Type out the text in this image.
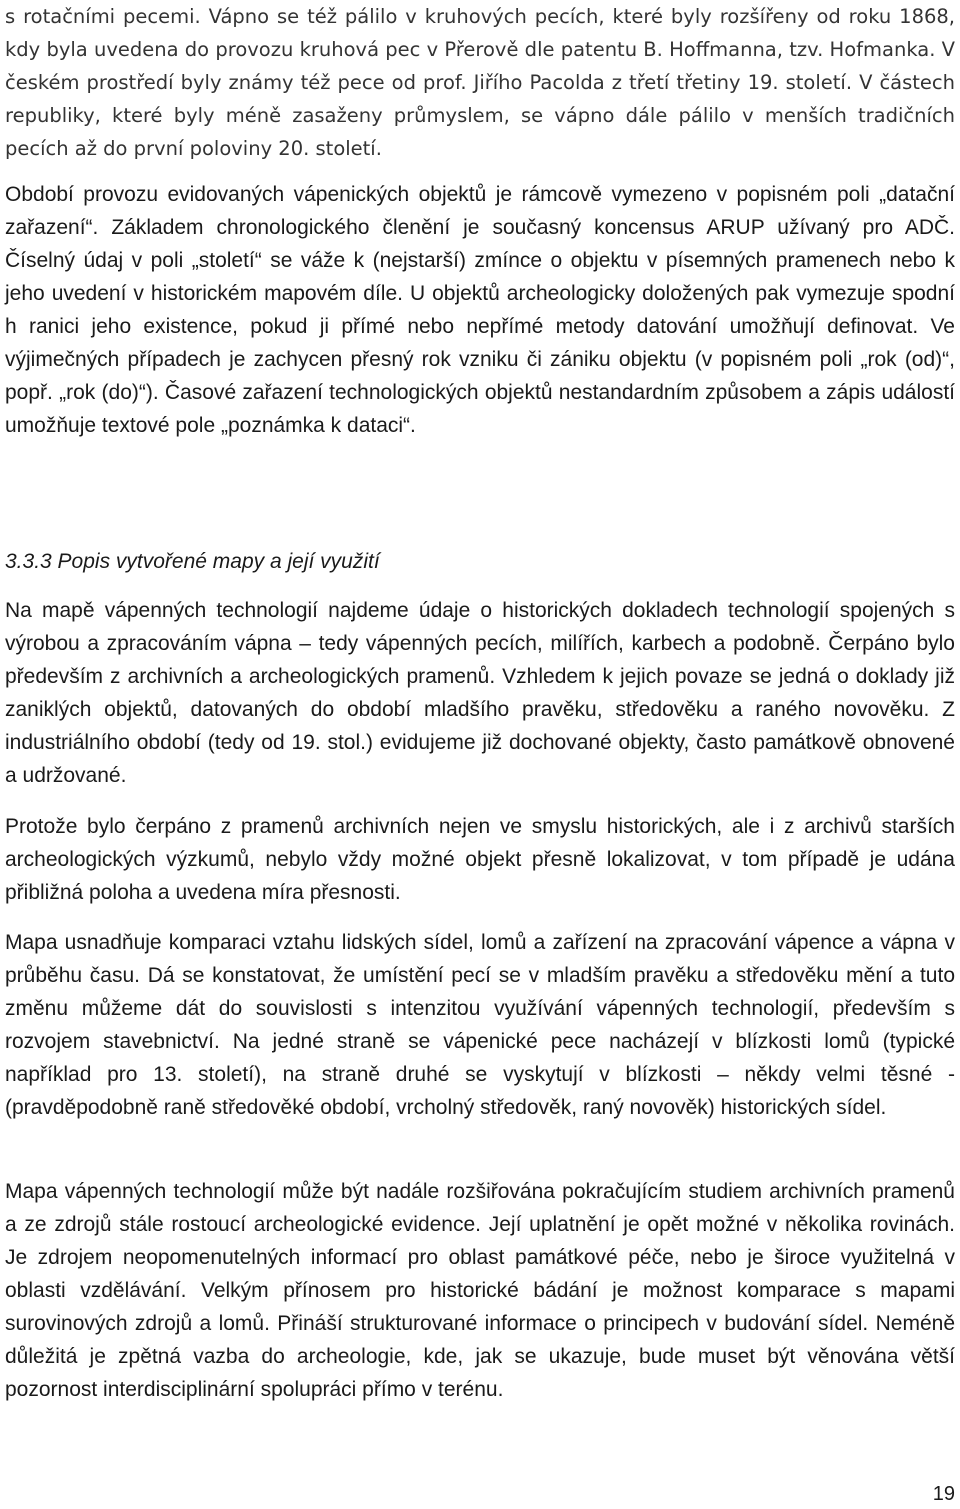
s rotačními pecemi. Vápno se též pálilo v kruhových pecích, které byly rozšířeny od roku 1868, kdy byla uvedena do provozu kruhová pec v Přerově dle patentu B. Hoffmanna, tzv. Hofmanka. V českém prostředí byly známy též pece od prof. Jiřího Pacolda z třetí třetiny 19. století. V částech republiky, které byly méně zasaženy průmyslem, se vápno dále pálilo v menších tradičních pecích až do první poloviny 20. století.

Období provozu evidovaných vápenických objektů je rámcově vymezeno v popisném poli „datační zařazení“. Základem chronologického členění je současný koncensus ARUP užívaný pro ADČ. Číselný údaj v poli „století“ se váže k (nejstarší) zmínce o objektu v písemných pramenech nebo k jeho uvedení v historickém mapovém díle. U objektů archeologicky doložených pak vymezuje spodní h ranici jeho existence, pokud ji přímé nebo nepřímé metody datování umožňují definovat. Ve výjimečných případech je zachycen přesný rok vzniku či zániku objektu (v popisném poli „rok (od)“, popř. „rok (do)“). Časové zařazení technologických objektů nestandardním způsobem a zápis událostí umožňuje textové pole „poznámka k dataci“.

3.3.3 Popis vytvořené mapy a její využití

Na mapě vápenných technologií najdeme údaje o historických dokladech technologií spojených s výrobou a zpracováním vápna – tedy vápenných pecích, milířích, karbech a podobně. Čerpáno bylo především z archivních a archeologických pramenů. Vzhledem k jejich povaze se jedná o doklady již zaniklých objektů, datovaných do období mladšího pravěku, středověku a raného novověku. Z industriálního období (tedy od 19. stol.) evidujeme již dochované objekty, často památkově obnovené a udržované.

Protože bylo čerpáno z pramenů archivních nejen ve smyslu historických, ale i z archivů starších archeologických výzkumů, nebylo vždy možné objekt přesně lokalizovat, v tom případě je udána přibližná poloha a uvedena míra přesnosti.

Mapa usnadňuje komparaci vztahu lidských sídel, lomů a zařízení na zpracování vápence a vápna v průběhu času. Dá se konstatovat, že umístění pecí se v mladším pravěku a středověku mění a tuto změnu můžeme dát do souvislosti s intenzitou využívání vápenných technologií, především s rozvojem stavebnictví. Na jedné straně se vápenické pece nacházejí v blízkosti lomů (typické například pro 13. století), na straně druhé se vyskytují v blízkosti – někdy velmi těsné - (pravděpodobně raně středověké období, vrcholný středověk, raný novověk) historických sídel.

Mapa vápenných technologií může být nadále rozšiřována pokračujícím studiem archivních pramenů a ze zdrojů stále rostoucí archeologické evidence. Její uplatnění je opět možné v několika rovinách. Je zdrojem neopomenutelných informací pro oblast památkové péče, nebo je široce využitelná v oblasti vzdělávání. Velkým přínosem pro historické bádání je možnost komparace s mapami surovinových zdrojů a lomů. Přináší strukturované informace o principech v budování sídel. Neméně důležitá je zpětná vazba do archeologie, kde, jak se ukazuje, bude muset být věnována větší pozornost interdisciplinární spolupráci přímo v terénu.

19
